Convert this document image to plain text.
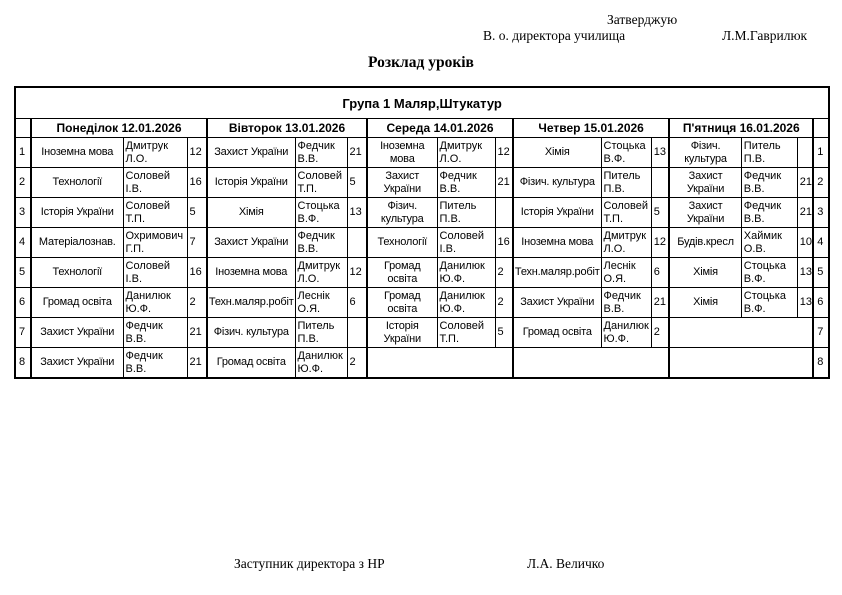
Затверджую
В. о. директора училища	Л.М.Гаврилюк
Розклад уроків
Група 1 Маляр,Штукатур																
	Понеділок 12.01.2026			Вівторок 13.01.2026			Середа 14.01.2026			Четвер 15.01.2026			П'ятниця 16.01.2026			
1	Іноземна мова	Дмитрук Л.О.	12	Захист України	Федчик В.В.	21	Іноземна мова	Дмитрук Л.О.	12	Хімія	Стоцька В.Ф.	13	Фізич. культура	Питель П.В.		1
2	Технології	Соловей І.В.	16	Історія України	Соловей Т.П.	5	Захист України	Федчик В.В.	21	Фізич. культура	Питель П.В.		Захист України	Федчик В.В.	21	2
3	Історія України	Соловей Т.П.	5	Хімія	Стоцька В.Ф.	13	Фізич. культура	Питель П.В.		Історія України	Соловей Т.П.	5	Захист України	Федчик В.В.	21	3
4	Матеріалознав.	Охримович Г.П.	7	Захист України	Федчик В.В.		Технології	Соловей І.В.	16	Іноземна мова	Дмитрук Л.О.	12	Будів.кресл	Хаймик О.В.	10	4
5	Технології	Соловей І.В.	16	Іноземна мова	Дмитрук Л.О.	12	Громад освіта	Данилюк Ю.Ф.	2	Техн.маляр.робіт	Леснік О.Я.	6	Хімія	Стоцька В.Ф.	13	5
6	Громад освіта	Данилюк Ю.Ф.	2	Техн.маляр.робіт	Леснік О.Я.	6	Громад освіта	Данилюк Ю.Ф.	2	Захист України	Федчик В.В.	21	Хімія	Стоцька В.Ф.	13	6
7	Захист України	Федчик В.В.	21	Фізич. культура	Питель П.В.		Історія України	Соловей Т.П.	5	Громад освіта	Данилюк Ю.Ф.	2				7
8	Захист України	Федчик В.В.	21	Громад освіта	Данилюк Ю.Ф.	2										8
Заступник директора з НР	Л.А. Величко
